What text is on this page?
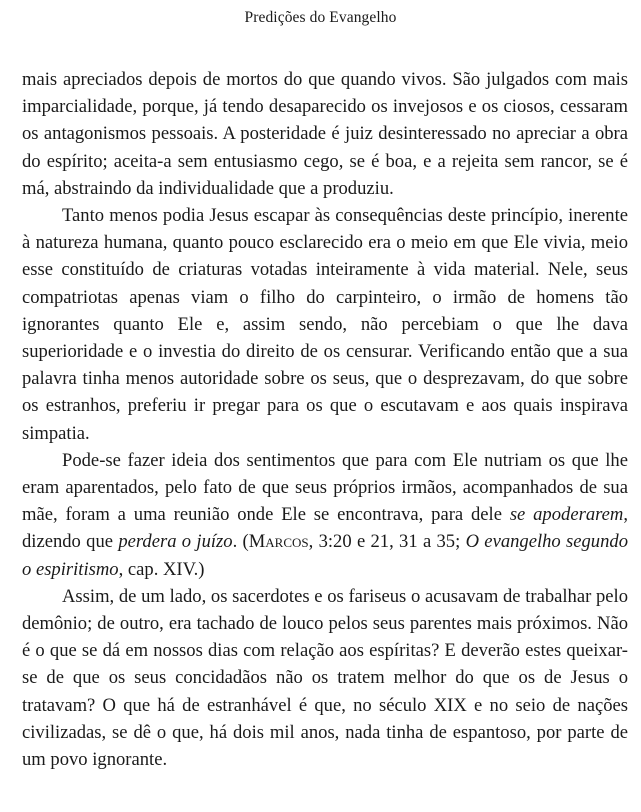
Predições do Evangelho

mais apreciados depois de mortos do que quando vivos. São julgados com mais imparcialidade, porque, já tendo desaparecido os invejosos e os ciosos, cessaram os antagonismos pessoais. A posteridade é juiz desinteressado no apreciar a obra do espírito; aceita-a sem entusiasmo cego, se é boa, e a rejeita sem rancor, se é má, abstraindo da individualidade que a produziu.

Tanto menos podia Jesus escapar às consequências deste princípio, inerente à natureza humana, quanto pouco esclarecido era o meio em que Ele vivia, meio esse constituído de criaturas votadas inteiramente à vida material. Nele, seus compatriotas apenas viam o filho do carpinteiro, o irmão de homens tão ignorantes quanto Ele e, assim sendo, não percebiam o que lhe dava superioridade e o investia do direito de os censurar. Verificando então que a sua palavra tinha menos autoridade sobre os seus, que o desprezavam, do que sobre os estranhos, preferiu ir pregar para os que o escutavam e aos quais inspirava simpatia.

Pode-se fazer ideia dos sentimentos que para com Ele nutriam os que lhe eram aparentados, pelo fato de que seus próprios irmãos, acompanhados de sua mãe, foram a uma reunião onde Ele se encontrava, para dele se apoderarem, dizendo que perdera o juízo. (Marcos, 3:20 e 21, 31 a 35; O evangelho segundo o espiritismo, cap. XIV.)

Assim, de um lado, os sacerdotes e os fariseus o acusavam de trabalhar pelo demônio; de outro, era tachado de louco pelos seus parentes mais próximos. Não é o que se dá em nossos dias com relação aos espíritas? E deverão estes queixar-se de que os seus concidadãos não os tratem melhor do que os de Jesus o tratavam? O que há de estranhável é que, no século XIX e no seio de nações civilizadas, se dê o que, há dois mil anos, nada tinha de espantoso, por parte de um povo ignorante.
